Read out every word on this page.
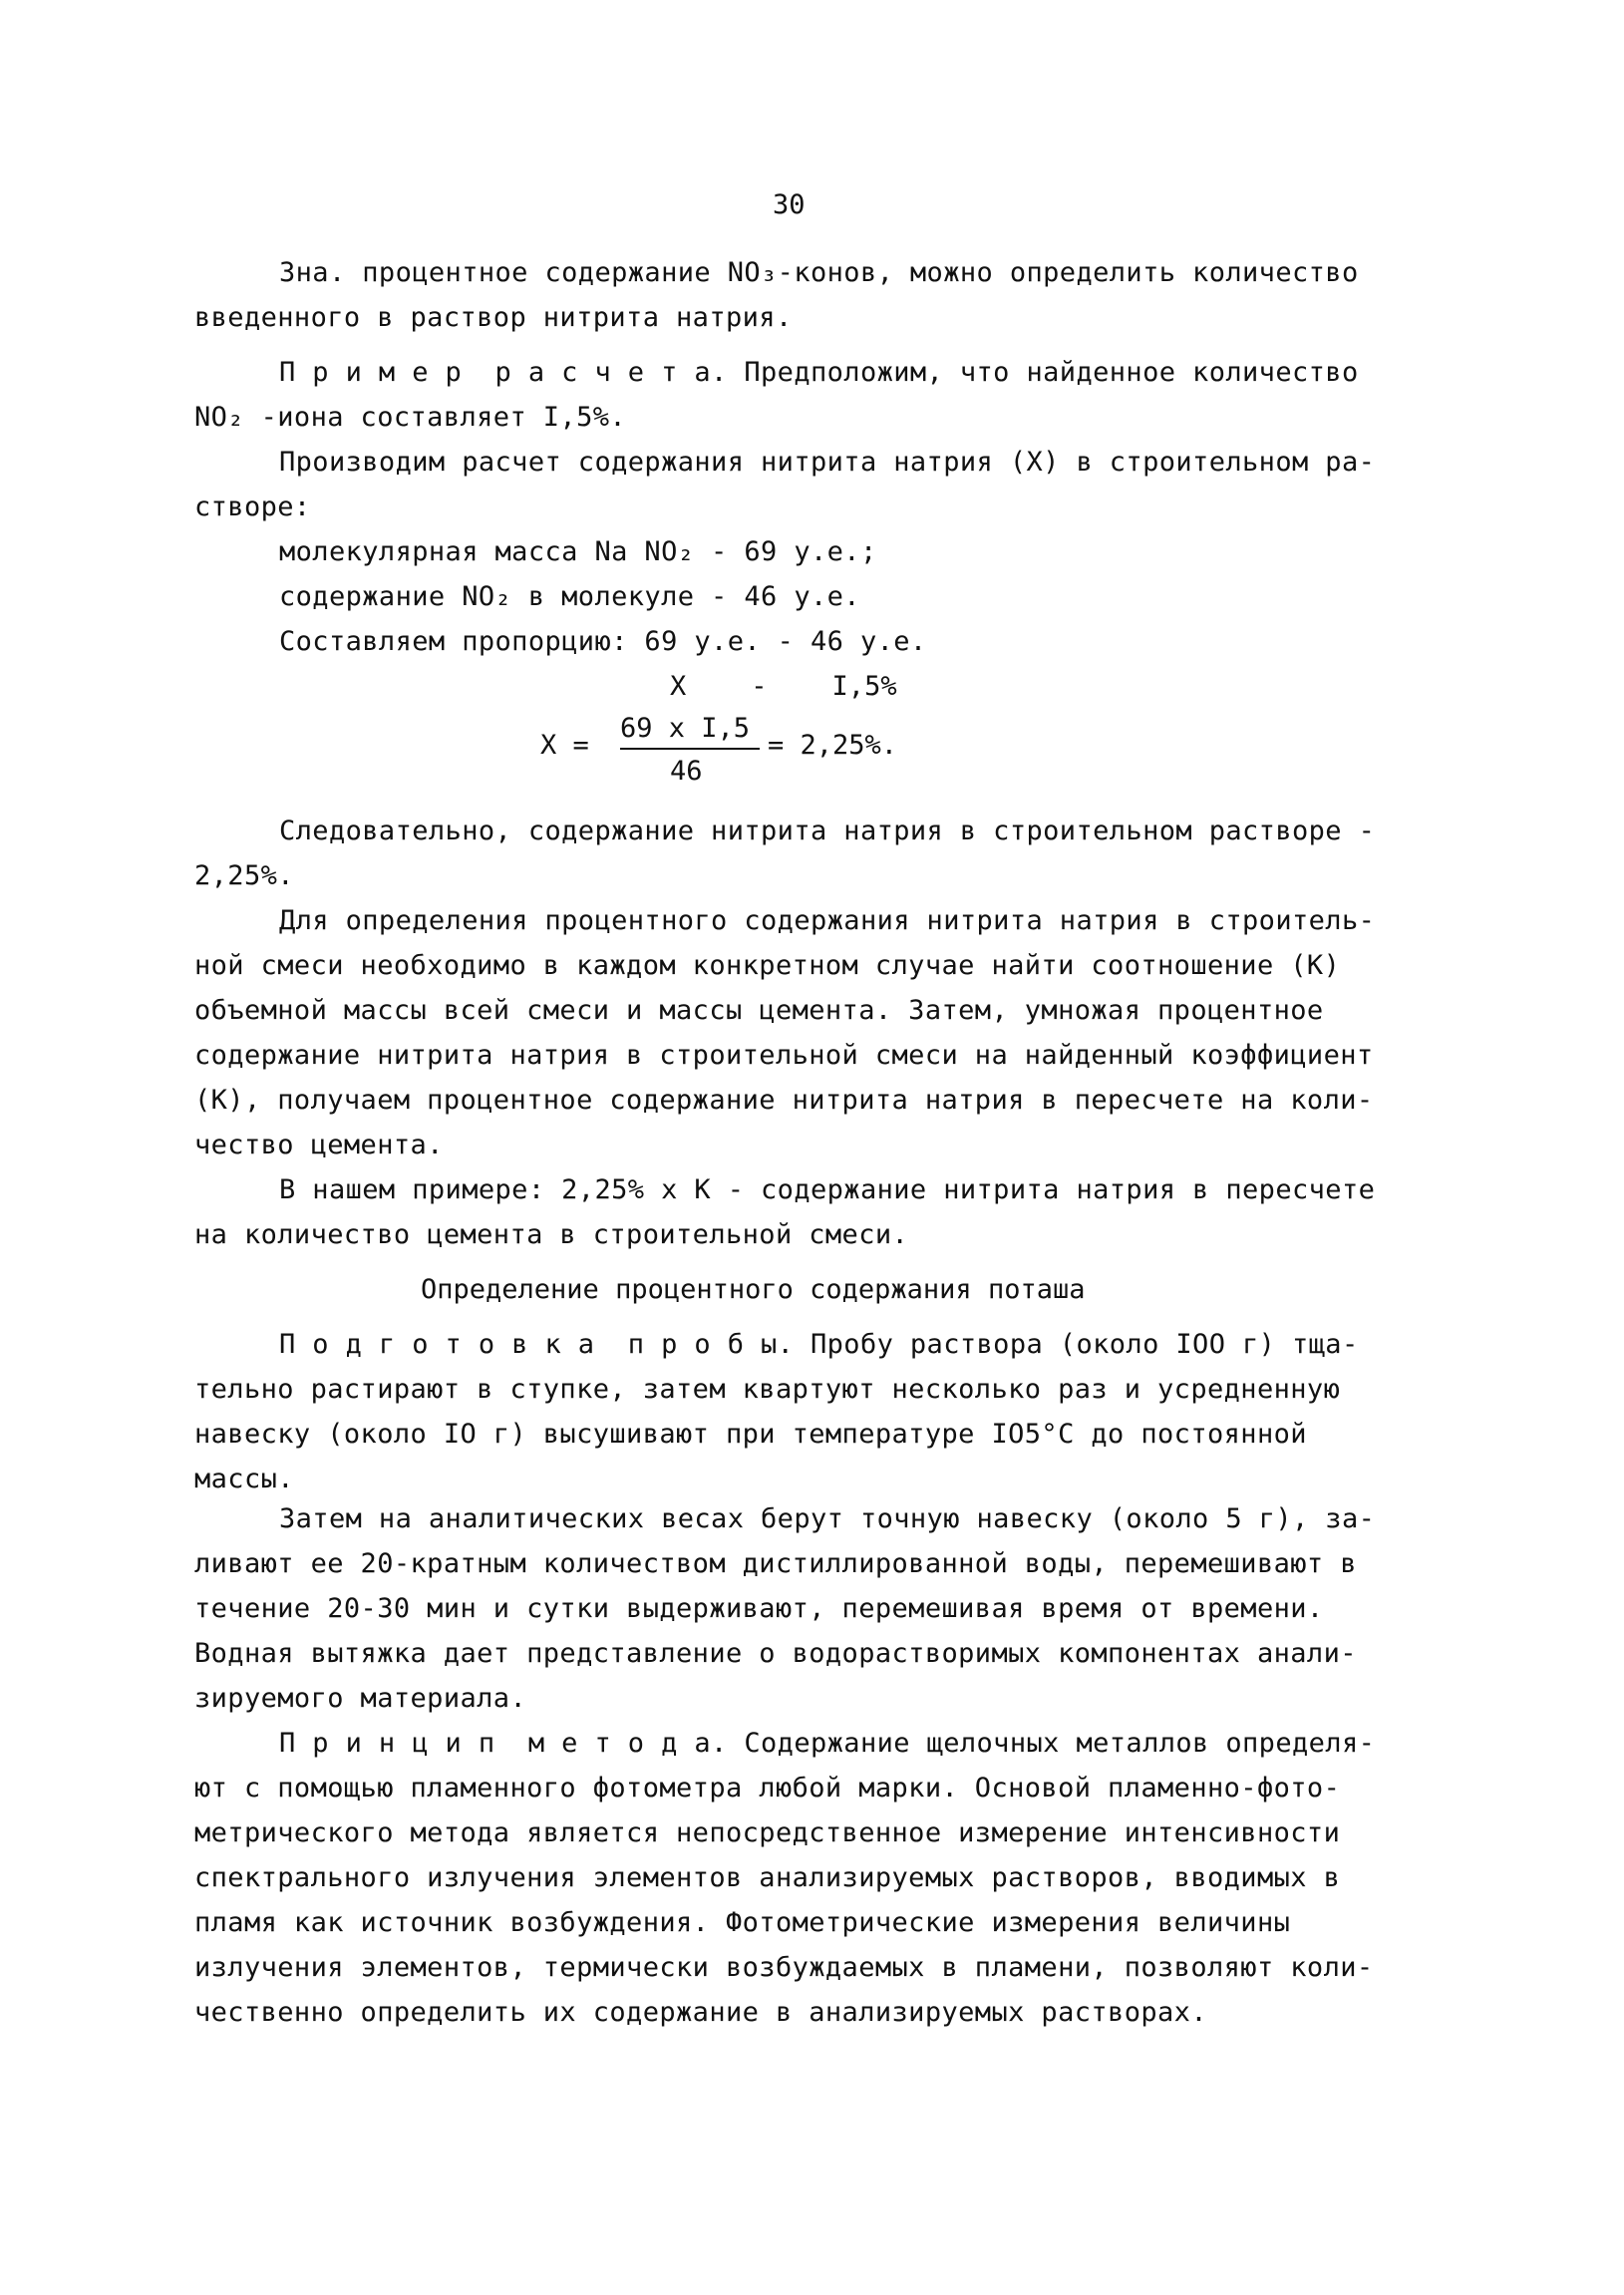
30
Зна. процентное содержание NO₃-конов, можно определить количество
введенного в раствор нитрита натрия.
П р и м е р  р а с ч е т а. Предположим, что найденное количество
NO₂ -иона составляет I,5%.
Производим расчет содержания нитрита натрия (X) в строительном ра-
створе:
молекулярная масса Na NO₂ - 69 у.е.;
содержание NO₂ в молекуле - 46 у.е.
Составляем пропорцию: 69 у.е. - 46 у.е.
X    -    I,5%
X =
69 x I,5
46
= 2,25%.
Следовательно, содержание нитрита натрия в строительном растворе -
2,25%.
Для определения процентного содержания нитрита натрия в строитель-
ной смеси необходимо в каждом конкретном случае найти соотношение (K)
объемной массы всей смеси и массы цемента. Затем, умножая процентное
содержание нитрита натрия в строительной смеси на найденный коэффициент
(K), получаем процентное содержание нитрита натрия в пересчете на коли-
чество цемента.
В нашем примере: 2,25% x K - содержание нитрита натрия в пересчете
на количество цемента в строительной смеси.
Определение процентного содержания поташа
П о д г о т о в к а  п р о б ы. Пробу раствора (около IOO г) тща-
тельно растирают в ступке, затем квартуют несколько раз и усредненную
навеску (около IO г) высушивают при температуре IO5°C до постоянной
массы.
Затем на аналитических весах берут точную навеску (около 5 г), за-
ливают ее 20-кратным количеством дистиллированной воды, перемешивают в
течение 20-30 мин и сутки выдерживают, перемешивая время от времени.
Водная вытяжка дает представление о водорастворимых компонентах анали-
зируемого материала.
П р и н ц и п  м е т о д а. Содержание щелочных металлов определя-
ют с помощью пламенного фотометра любой марки. Основой пламенно-фото-
метрического метода является непосредственное измерение интенсивности
спектрального излучения элементов анализируемых растворов, вводимых в
пламя как источник возбуждения. Фотометрические измерения величины
излучения элементов, термически возбуждаемых в пламени, позволяют коли-
чественно определить их содержание в анализируемых растворах.
